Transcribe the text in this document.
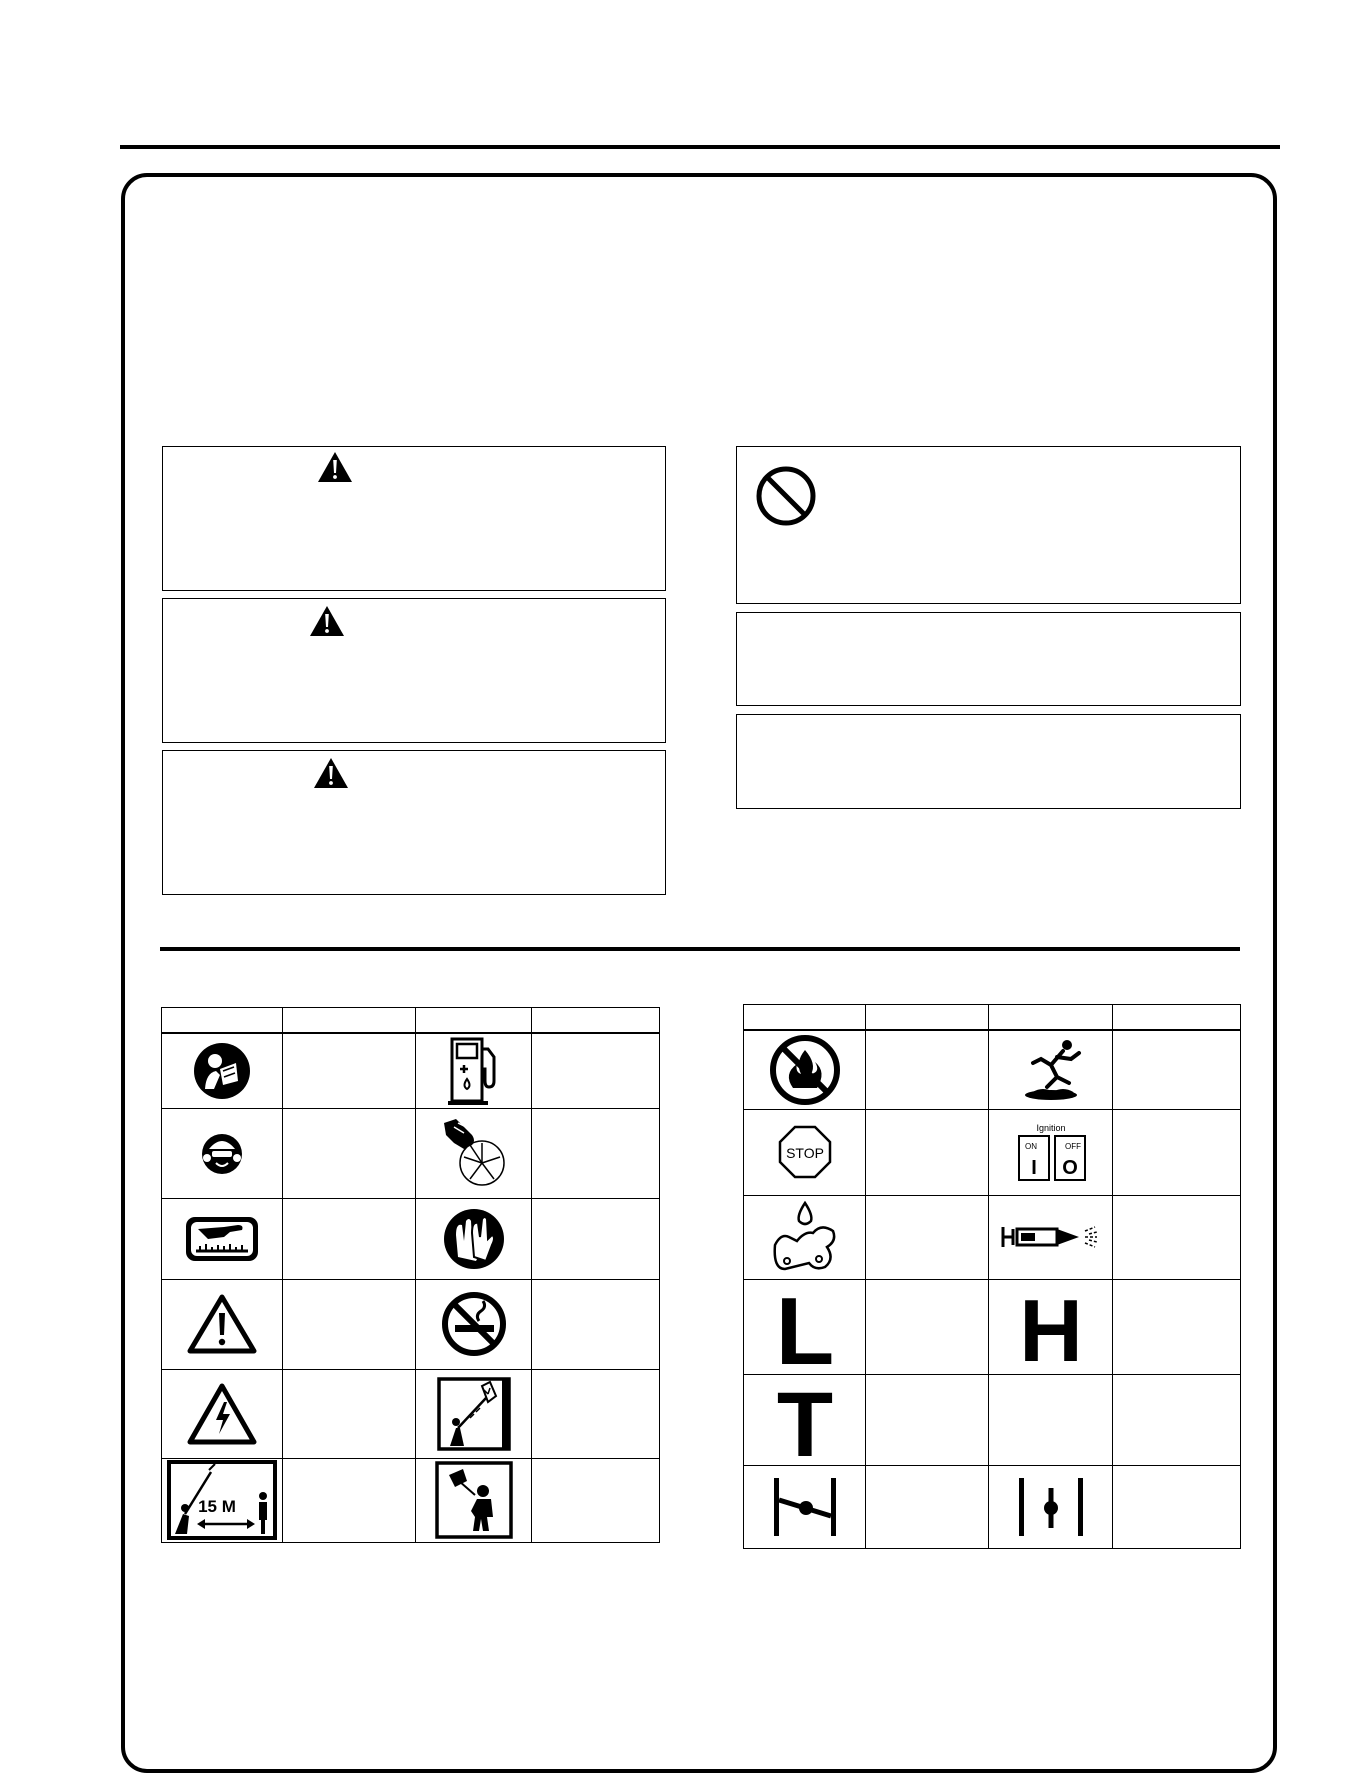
15 M

STOP		Ignition
ON OFF
I O	

L		H	

T			
